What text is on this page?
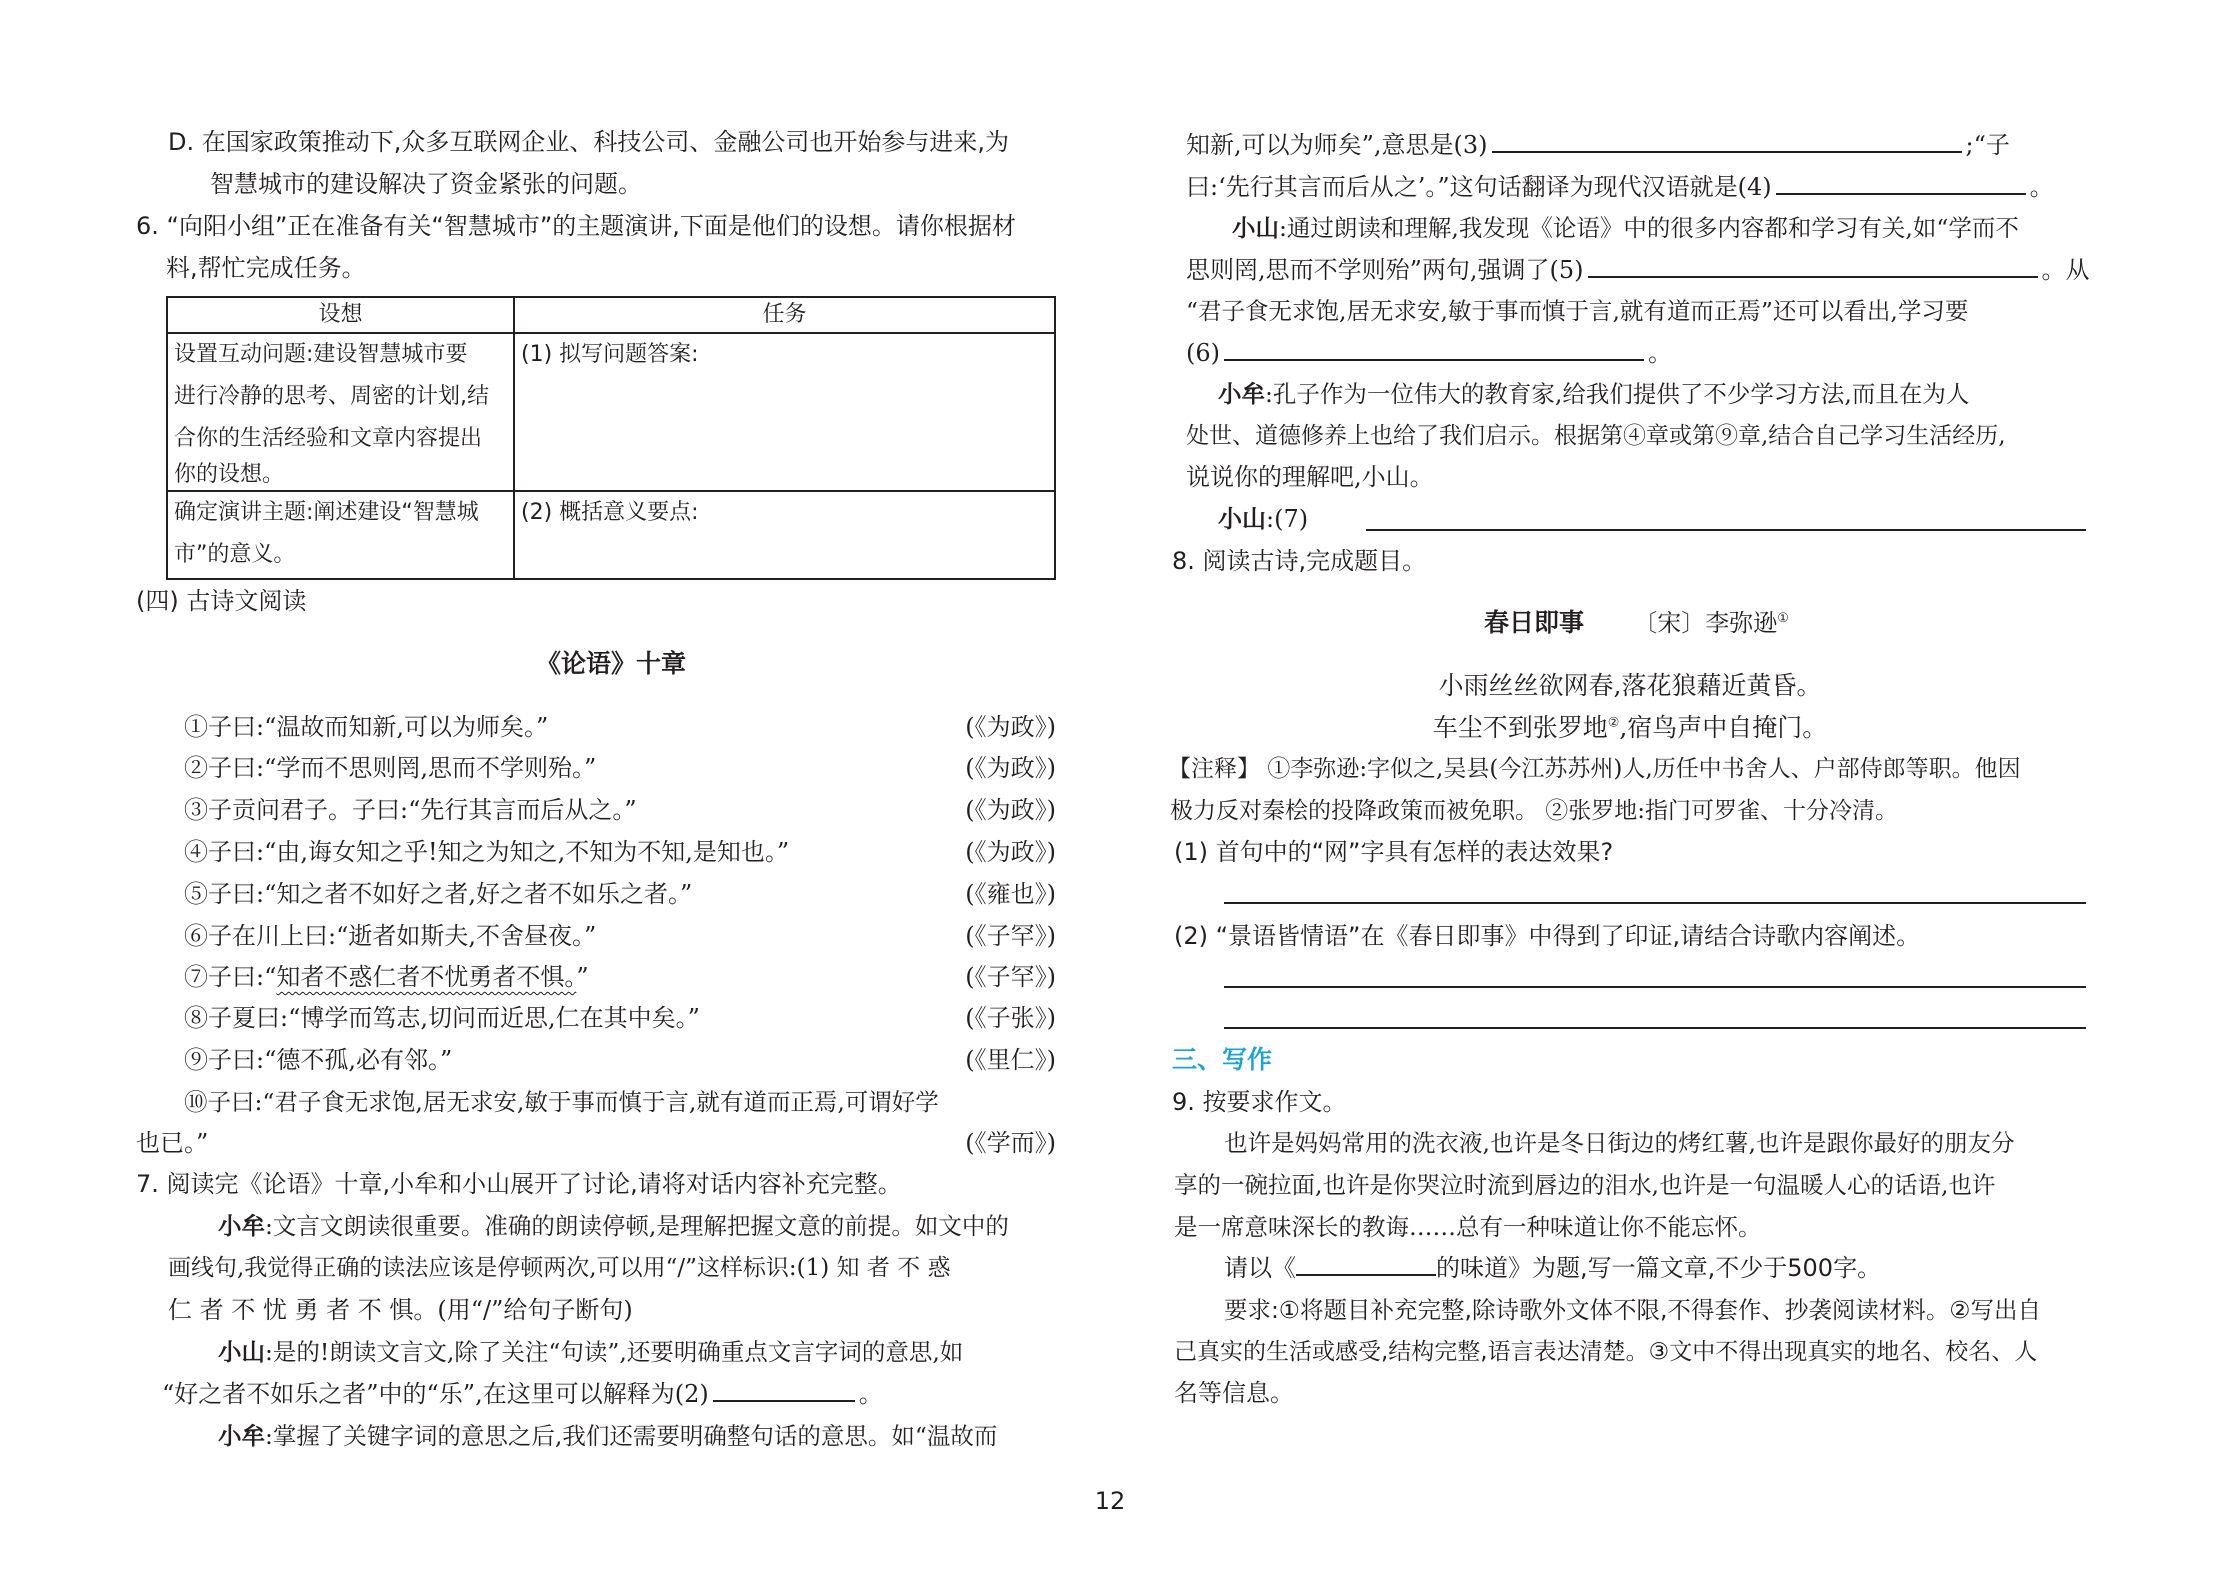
D. 在国家政策推动下,众多互联网企业、科技公司、金融公司也开始参与进来,为
智慧城市的建设解决了资金紧张的问题。
6. “向阳小组”正在准备有关“智慧城市”的主题演讲,下面是他们的设想。请你根据材
料,帮忙完成任务。
设想	任务

设置互动问题:建设智慧城市要
进行冷静的思考、周密的计划,结
合你的生活经验和文章内容提出
你的设想。	(1) 拟写问题答案:

确定演讲主题:阐述建设“智慧城
市”的意义。	(2) 概括意义要点:
(四) 古诗文阅读
《论语》十章
①子曰:“温故而知新,可以为师矣。”	(《为政》)
②子曰:“学而不思则罔,思而不学则殆。”	(《为政》)
③子贡问君子。子曰:“先行其言而后从之。”	(《为政》)
④子曰:“由,诲女知之乎!知之为知之,不知为不知,是知也。”	(《为政》)
⑤子曰:“知之者不如好之者,好之者不如乐之者。”	(《雍也》)
⑥子在川上曰:“逝者如斯夫,不舍昼夜。”	(《子罕》)
⑦子曰:“知者不惑仁者不忧勇者不惧。”	(《子罕》)
⑧子夏曰:“博学而笃志,切问而近思,仁在其中矣。”	(《子张》)
⑨子曰:“德不孤,必有邻。”	(《里仁》)
⑩子曰:“君子食无求饱,居无求安,敏于事而慎于言,就有道而正焉,可谓好学
也已。”	(《学而》)
7. 阅读完《论语》十章,小牟和小山展开了讨论,请将对话内容补充完整。
小牟:文言文朗读很重要。准确的朗读停顿,是理解把握文意的前提。如文中的
画线句,我觉得正确的读法应该是停顿两次,可以用“/”这样标识:(1) 知 者 不 惑
仁 者 不 忧 勇 者 不 惧。(用“/”给句子断句)
小山:是的!朗读文言文,除了关注“句读”,还要明确重点文言字词的意思,如
“好之者不如乐之者”中的“乐”,在这里可以解释为(2)	。
小牟:掌握了关键字词的意思之后,我们还需要明确整句话的意思。如“温故而
知新,可以为师矣”,意思是(3)	;“子
曰:‘先行其言而后从之’。”这句话翻译为现代汉语就是(4)	。
小山:通过朗读和理解,我发现《论语》中的很多内容都和学习有关,如“学而不
思则罔,思而不学则殆”两句,强调了(5)	。从
“君子食无求饱,居无求安,敏于事而慎于言,就有道而正焉”还可以看出,学习要
(6)	。
小牟:孔子作为一位伟大的教育家,给我们提供了不少学习方法,而且在为人
处世、道德修养上也给了我们启示。根据第④章或第⑨章,结合自己学习生活经历,
说说你的理解吧,小山。
小山:(7)
8. 阅读古诗,完成题目。
春日即事 〔宋〕李弥逊①
小雨丝丝欲网春,落花狼藉近黄昏。
车尘不到张罗地②,宿鸟声中自掩门。
【注释】 ①李弥逊:字似之,吴县(今江苏苏州)人,历任中书舍人、户部侍郎等职。他因
极力反对秦桧的投降政策而被免职。 ②张罗地:指门可罗雀、十分冷清。
(1) 首句中的“网”字具有怎样的表达效果?
(2) “景语皆情语”在《春日即事》中得到了印证,请结合诗歌内容阐述。
三、写作
9. 按要求作文。
也许是妈妈常用的洗衣液,也许是冬日街边的烤红薯,也许是跟你最好的朋友分
享的一碗拉面,也许是你哭泣时流到唇边的泪水,也许是一句温暖人心的话语,也许
是一席意味深长的教诲……总有一种味道让你不能忘怀。
请以《	的味道》为题,写一篇文章,不少于500字。
要求:①将题目补充完整,除诗歌外文体不限,不得套作、抄袭阅读材料。②写出自
己真实的生活或感受,结构完整,语言表达清楚。③文中不得出现真实的地名、校名、人
名等信息。
12
